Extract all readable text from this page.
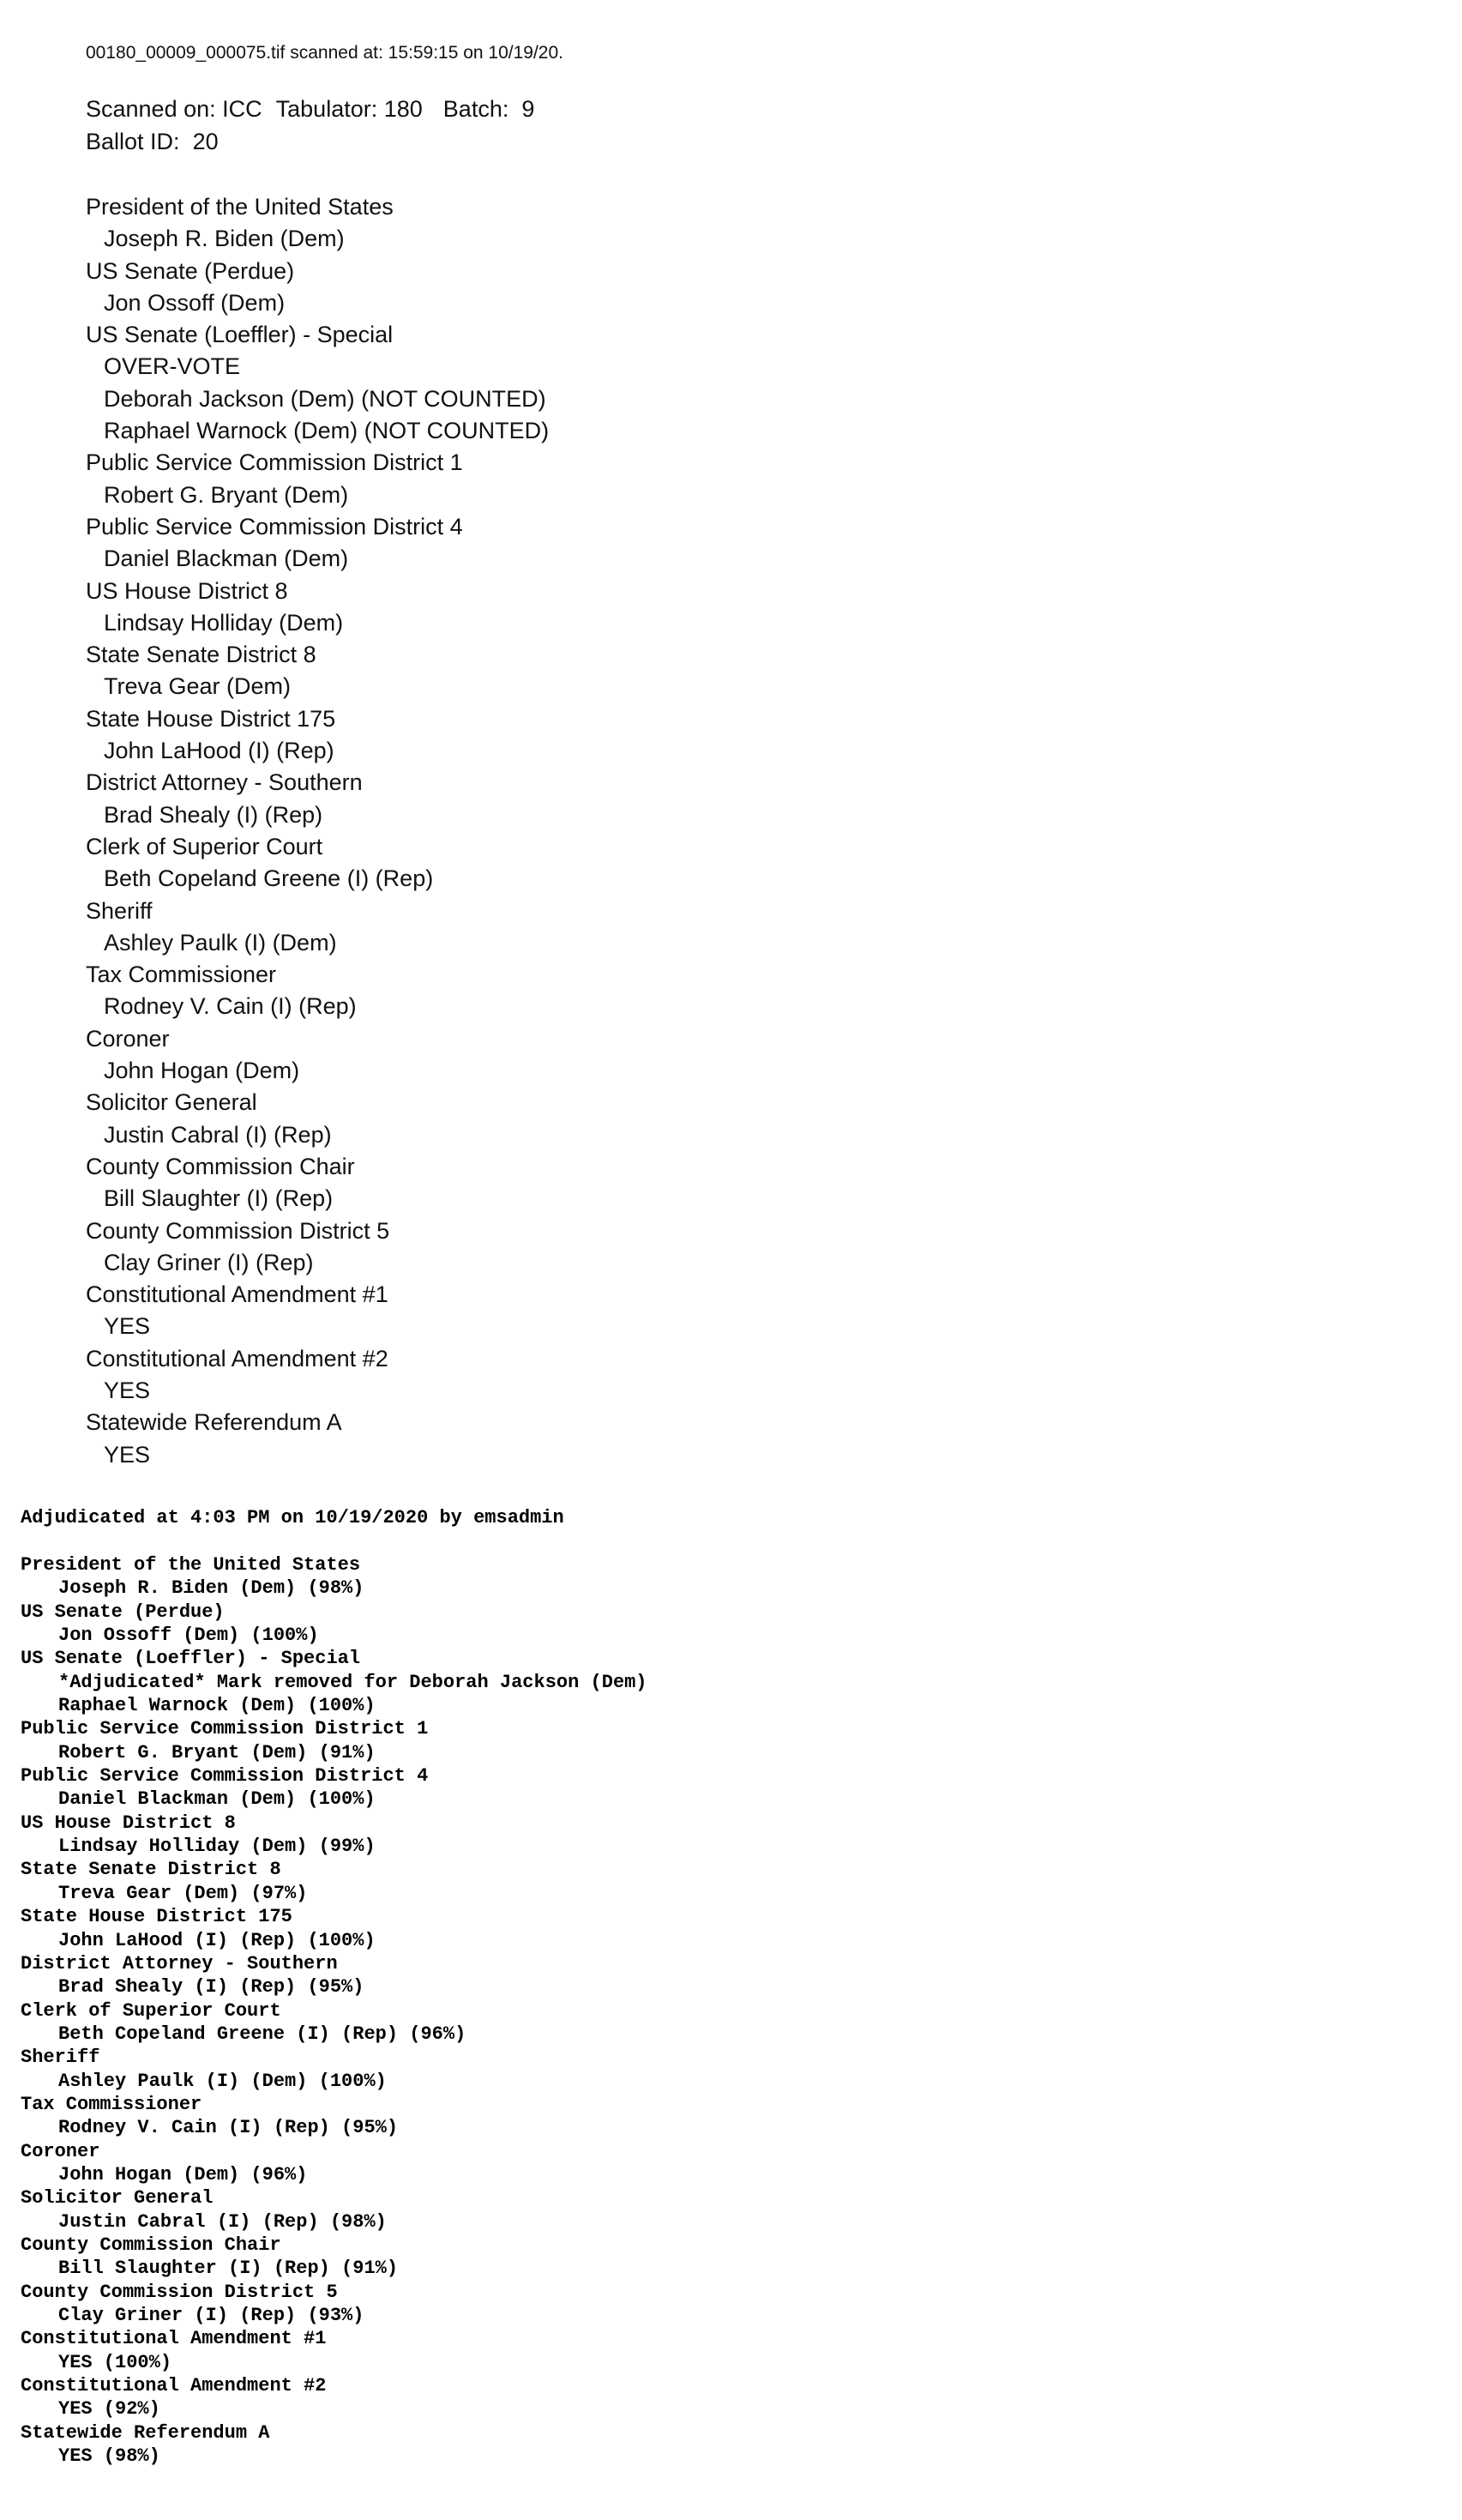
00180_00009_000075.tif scanned at: 15:59:15 on 10/19/20.
Scanned on: ICC Tabulator: 180 Batch: 9
Ballot ID: 20
President of the United States
Joseph R. Biden (Dem)
US Senate (Perdue)
Jon Ossoff (Dem)
US Senate (Loeffler) - Special
OVER-VOTE
Deborah Jackson (Dem) (NOT COUNTED)
Raphael Warnock (Dem) (NOT COUNTED)
Public Service Commission District 1
Robert G. Bryant (Dem)
Public Service Commission District 4
Daniel Blackman (Dem)
US House District 8
Lindsay Holliday (Dem)
State Senate District 8
Treva Gear (Dem)
State House District 175
John LaHood (I) (Rep)
District Attorney - Southern
Brad Shealy (I) (Rep)
Clerk of Superior Court
Beth Copeland Greene (I) (Rep)
Sheriff
Ashley Paulk (I) (Dem)
Tax Commissioner
Rodney V. Cain (I) (Rep)
Coroner
John Hogan (Dem)
Solicitor General
Justin Cabral (I) (Rep)
County Commission Chair
Bill Slaughter (I) (Rep)
County Commission District 5
Clay Griner (I) (Rep)
Constitutional Amendment #1
YES
Constitutional Amendment #2
YES
Statewide Referendum A
YES
Adjudicated at 4:03 PM on 10/19/2020 by emsadmin
President of the United States
Joseph R. Biden (Dem) (98%)
US Senate (Perdue)
Jon Ossoff (Dem) (100%)
US Senate (Loeffler) - Special
*Adjudicated* Mark removed for Deborah Jackson (Dem)
Raphael Warnock (Dem) (100%)
Public Service Commission District 1
Robert G. Bryant (Dem) (91%)
Public Service Commission District 4
Daniel Blackman (Dem) (100%)
US House District 8
Lindsay Holliday (Dem) (99%)
State Senate District 8
Treva Gear (Dem) (97%)
State House District 175
John LaHood (I) (Rep) (100%)
District Attorney - Southern
Brad Shealy (I) (Rep) (95%)
Clerk of Superior Court
Beth Copeland Greene (I) (Rep) (96%)
Sheriff
Ashley Paulk (I) (Dem) (100%)
Tax Commissioner
Rodney V. Cain (I) (Rep) (95%)
Coroner
John Hogan (Dem) (96%)
Solicitor General
Justin Cabral (I) (Rep) (98%)
County Commission Chair
Bill Slaughter (I) (Rep) (91%)
County Commission District 5
Clay Griner (I) (Rep) (93%)
Constitutional Amendment #1
YES (100%)
Constitutional Amendment #2
YES (92%)
Statewide Referendum A
YES (98%)
